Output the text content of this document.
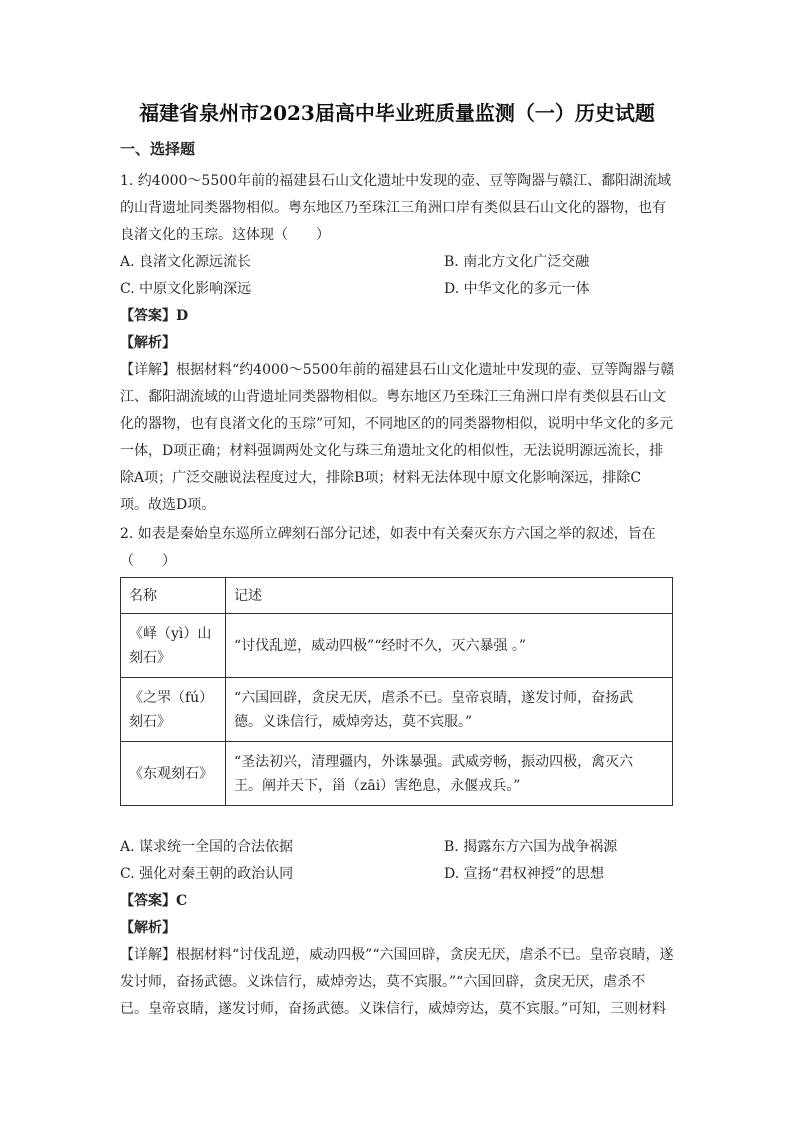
福建省泉州市2023届高中毕业班质量监测（一）历史试题
一、选择题
1. 约4000～5500年前的福建县石山文化遗址中发现的壶、豆等陶器与赣江、鄱阳湖流域
的山背遗址同类器物相似。粤东地区乃至珠江三角洲口岸有类似县石山文化的器物，也有
良渚文化的玉琮。这体现（　　）
A. 良渚文化源远流长	B. 南北方文化广泛交融
C. 中原文化影响深远	D. 中华文化的多元一体
【答案】D
【解析】
【详解】根据材料“约4000～5500年前的福建县石山文化遗址中发现的壶、豆等陶器与赣
江、鄱阳湖流域的山背遗址同类器物相似。粤东地区乃至珠江三角洲口岸有类似县石山文
化的器物，也有良渚文化的玉琮”可知，不同地区的的同类器物相似，说明中华文化的多元
一体，D项正确；材料强调两处文化与珠三角遗址文化的相似性，无法说明源远流长，排
除A项；广泛交融说法程度过大，排除B项；材料无法体现中原文化影响深远，排除C
项。故选D项。
2. 如表是秦始皇东巡所立碑刻石部分记述，如表中有关秦灭东方六国之举的叙述，旨在
（　　）
名称	记述
《峄（yì）山
刻石》	“讨伐乱逆，威动四极”“经时不久，灭六暴强 。”
《之罘（fú）
刻石》	“六国回辟，贪戾无厌，虐杀不已。皇帝哀睛，遂发讨师，奋扬武
德。义诛信行，威焯旁达，莫不宾服。”
《东观刻石》	“圣法初兴，清理疆内，外诛暴强。武威旁畅，振动四极，禽灭六
王。阐并天下，甾（zāi）害绝息，永偃戎兵。”
A. 谋求统一全国的合法依据	B. 揭露东方六国为战争祸源
C. 强化对秦王朝的政治认同	D. 宣扬“君权神授”的思想
【答案】C
【解析】
【详解】根据材料“讨伐乱逆，威动四极”“六国回辟，贪戾无厌，虐杀不已。皇帝哀睛，遂
发讨师，奋扬武德。义诛信行，威焯旁达，莫不宾服。”“六国回辟，贪戾无厌，虐杀不
已。皇帝哀睛，遂发讨师，奋扬武德。义诛信行，威焯旁达，莫不宾服。”可知，三则材料
